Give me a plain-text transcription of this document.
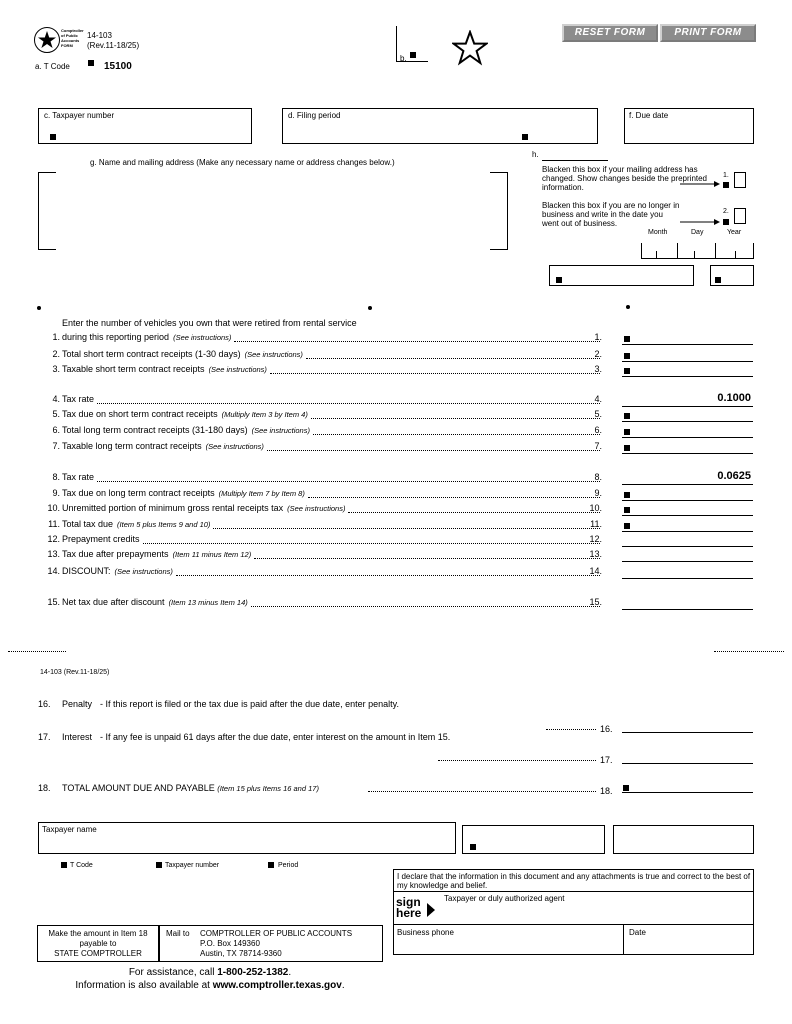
Comptroller of Public Accounts FORM
14-103
(Rev.11-18/25)
a. T Code	15100
b.
RESET FORM	PRINT FORM
c. Taxpayer number	d. Filing period	f. Due date
g. Name and mailing address (Make any necessary name or address changes below.)
h.
Blacken this box if your mailing address has changed. Show changes beside the preprinted information.
1.
Blacken this box if you are no longer in business and write in the date you went out of business.
2.
Month	Day	Year
Enter the number of vehicles you own that were retired from rental service
1. during this reporting period (See instructions)	1.
2. Total short term contract receipts (1-30 days) (See instructions)	2.
3. Taxable short term contract receipts (See instructions)	3.
4. Tax rate	4.	0.1000
5. Tax due on short term contract receipts (Multiply Item 3 by Item 4)	5.
6. Total long term contract receipts (31-180 days) (See instructions)	6.
7. Taxable long term contract receipts (See instructions)	7.
8. Tax rate	8.	0.0625
9. Tax due on long term contract receipts (Multiply Item 7 by Item 8)	9.
10. Unremitted portion of minimum gross rental receipts tax (See instructions)	10.
11. Total tax due (Item 5 plus Items 9 and 10)	11.
12. Prepayment credits	12.
13. Tax due after prepayments (Item 11 minus Item 12)	13.
14. DISCOUNT: (See instructions)	14.
15. Net tax due after discount (Item 13 minus Item 14)	15.
14-103 (Rev.11-18/25)
16. Penalty - If this report is filed or the tax due is paid after the due date, enter penalty.
16.
17. Interest - If any fee is unpaid 61 days after the due date, enter interest on the amount in Item 15.
17.
18. TOTAL AMOUNT DUE AND PAYABLE (Item 15 plus Items 16 and 17)	18.
Taxpayer name
T Code	Taxpayer number	Period
I declare that the information in this document and any attachments is true and correct to the best of my knowledge and belief.
sign
here
Taxpayer or duly authorized agent
Business phone	Date
Make the amount in Item 18
payable to
STATE COMPTROLLER
Mail to COMPTROLLER OF PUBLIC ACCOUNTS
P.O. Box 149360
Austin, TX 78714-9360
For assistance, call 1-800-252-1382.
Information is also available at www.comptroller.texas.gov.
